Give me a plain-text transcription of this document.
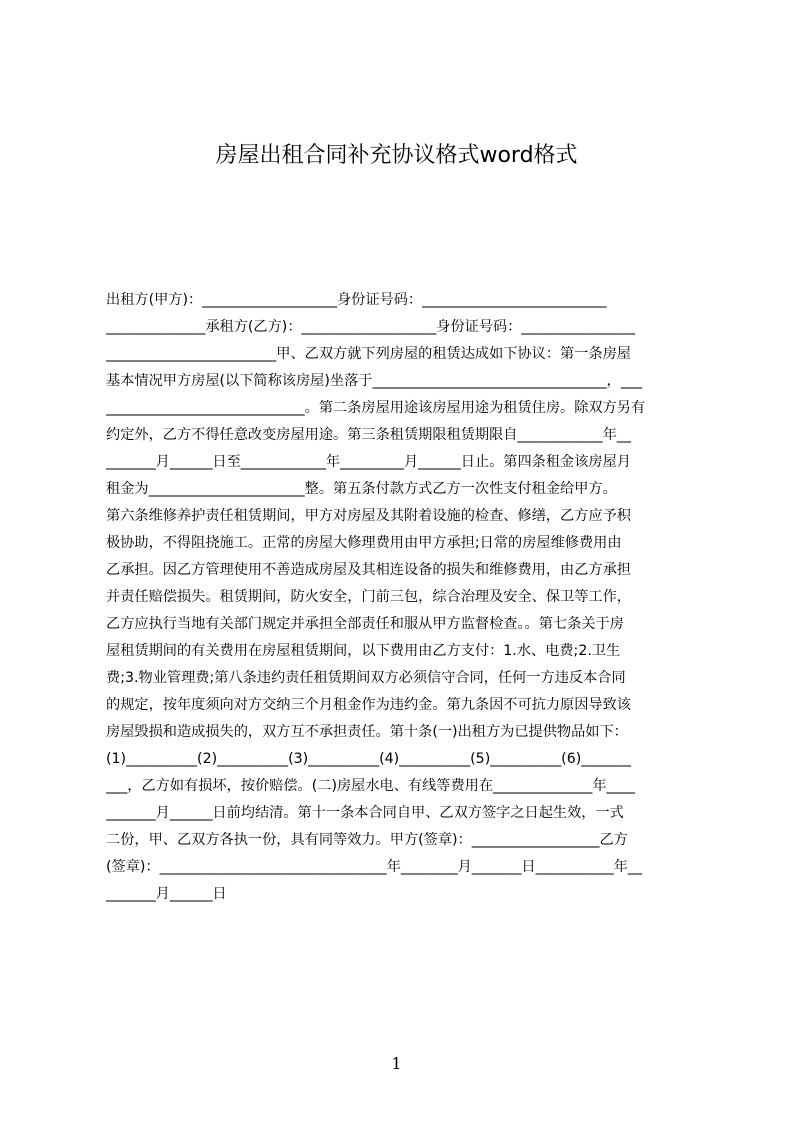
房屋出租合同补充协议格式word格式
出租方(甲方)：___________________身份证号码：__________________________
______________承租方(乙方)：___________________身份证号码：________________
________________________甲、乙双方就下列房屋的租赁达成如下协议：第一条房屋
基本情况甲方房屋(以下简称该房屋)坐落于_________________________________，___
____________________________。第二条房屋用途该房屋用途为租赁住房。除双方另有
约定外，乙方不得任意改变房屋用途。第三条租赁期限租赁期限自____________年__
_______月______日至____________年_________月______日止。第四条租金该房屋月
租金为______________________整。第五条付款方式乙方一次性支付租金给甲方。
第六条维修养护责任租赁期间，甲方对房屋及其附着设施的检查、修缮，乙方应予积
极协助，不得阻挠施工。正常的房屋大修理费用由甲方承担;日常的房屋维修费用由
乙承担。因乙方管理使用不善造成房屋及其相连设备的损失和维修费用，由乙方承担
并责任赔偿损失。租赁期间，防火安全，门前三包，综合治理及安全、保卫等工作，
乙方应执行当地有关部门规定并承担全部责任和服从甲方监督检查。。第七条关于房
屋租赁期间的有关费用在房屋租赁期间，以下费用由乙方支付：1.水、电费;2.卫生
费;3.物业管理费;第八条违约责任租赁期间双方必须信守合同，任何一方违反本合同
的规定，按年度须向对方交纳三个月租金作为违约金。第九条因不可抗力原因导致该
房屋毁损和造成损失的，双方互不承担责任。第十条(一)出租方为已提供物品如下：
(1)__________(2)__________(3)__________(4)__________(5)__________(6)_______
___，乙方如有损坏，按价赔偿。(二)房屋水电、有线等费用在______________年____
_______月______日前均结清。第十一条本合同自甲、乙双方签字之日起生效，一式
二份，甲、乙双方各执一份，具有同等效力。甲方(签章)：__________________乙方
(签章)：________________________________年________月_______日___________年__
_______月______日
1
